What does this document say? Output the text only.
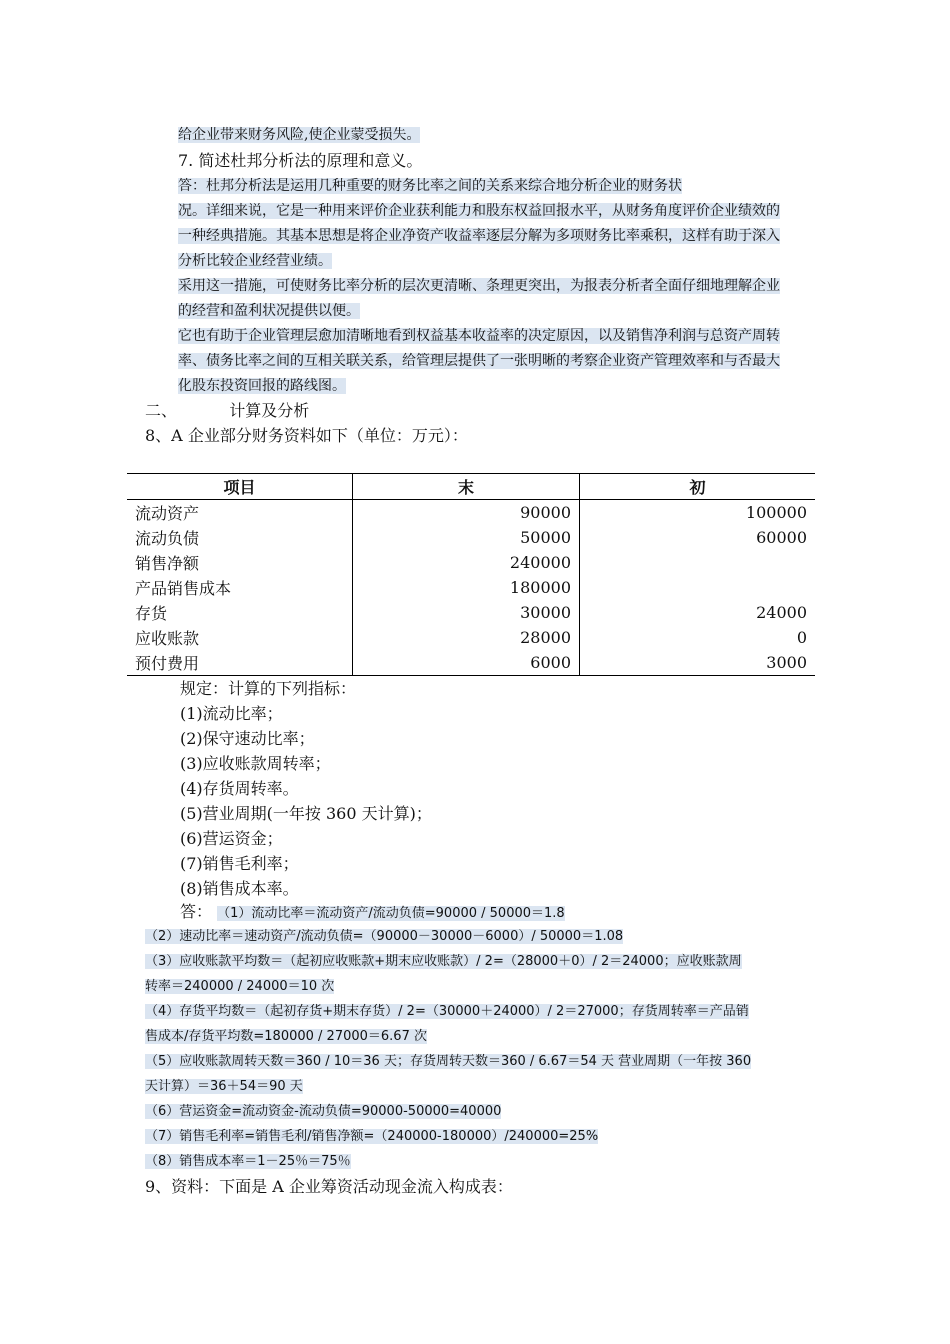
给企业带来财务风险,使企业蒙受损失。
7. 简述杜邦分析法的原理和意义。
答：杜邦分析法是运用几种重要的财务比率之间的关系来综合地分析企业的财务状
况。详细来说，它是一种用来评价企业获利能力和股东权益回报水平，从财务角度评价企业绩效的
一种经典措施。其基本思想是将企业净资产收益率逐层分解为多项财务比率乘积，这样有助于深入
分析比较企业经营业绩。
采用这一措施，可使财务比率分析的层次更清晰、条理更突出，为报表分析者全面仔细地理解企业
的经营和盈利状况提供以便。
它也有助于企业管理层愈加清晰地看到权益基本收益率的决定原因，以及销售净利润与总资产周转
率、债务比率之间的互相关联关系，给管理层提供了一张明晰的考察企业资产管理效率和与否最大
化股东投资回报的路线图。
二、	计算及分析
8、A 企业部分财务资料如下（单位：万元）：
项目	末	初
流动资产	90000	100000
流动负债	50000	60000
销售净额	240000	
产品销售成本	180000	
存货	30000	24000
应收账款	28000	0
预付费用	6000	3000
规定：计算的下列指标：
(1)流动比率；
(2)保守速动比率；
(3)应收账款周转率；
(4)存货周转率。
(5)营业周期(一年按 360 天计算)；
(6)营运资金；
(7)销售毛利率；
(8)销售成本率。
答： （1）流动比率＝流动资产/流动负债=90000 / 50000＝1.8
（2）速动比率＝速动资产/流动负债=（90000－30000－6000）/ 50000＝1.08
（3）应收账款平均数＝（起初应收账款+期末应收账款）/ 2=（28000＋0）/ 2＝24000；应收账款周
转率＝240000 / 24000＝10 次
（4）存货平均数＝（起初存货+期末存货）/ 2=（30000＋24000）/ 2＝27000；存货周转率＝产品销
售成本/存货平均数=180000 / 27000＝6.67 次
（5）应收账款周转天数＝360 / 10＝36 天；存货周转天数＝360 / 6.67＝54 天 营业周期（一年按 360
天计算）＝36＋54＝90 天
（6）营运资金=流动资金-流动负债=90000-50000=40000
（7）销售毛利率=销售毛利/销售净额=（240000-180000）/240000=25%
（8）销售成本率＝1－25％＝75％
9、资料：下面是 A 企业筹资活动现金流入构成表：
